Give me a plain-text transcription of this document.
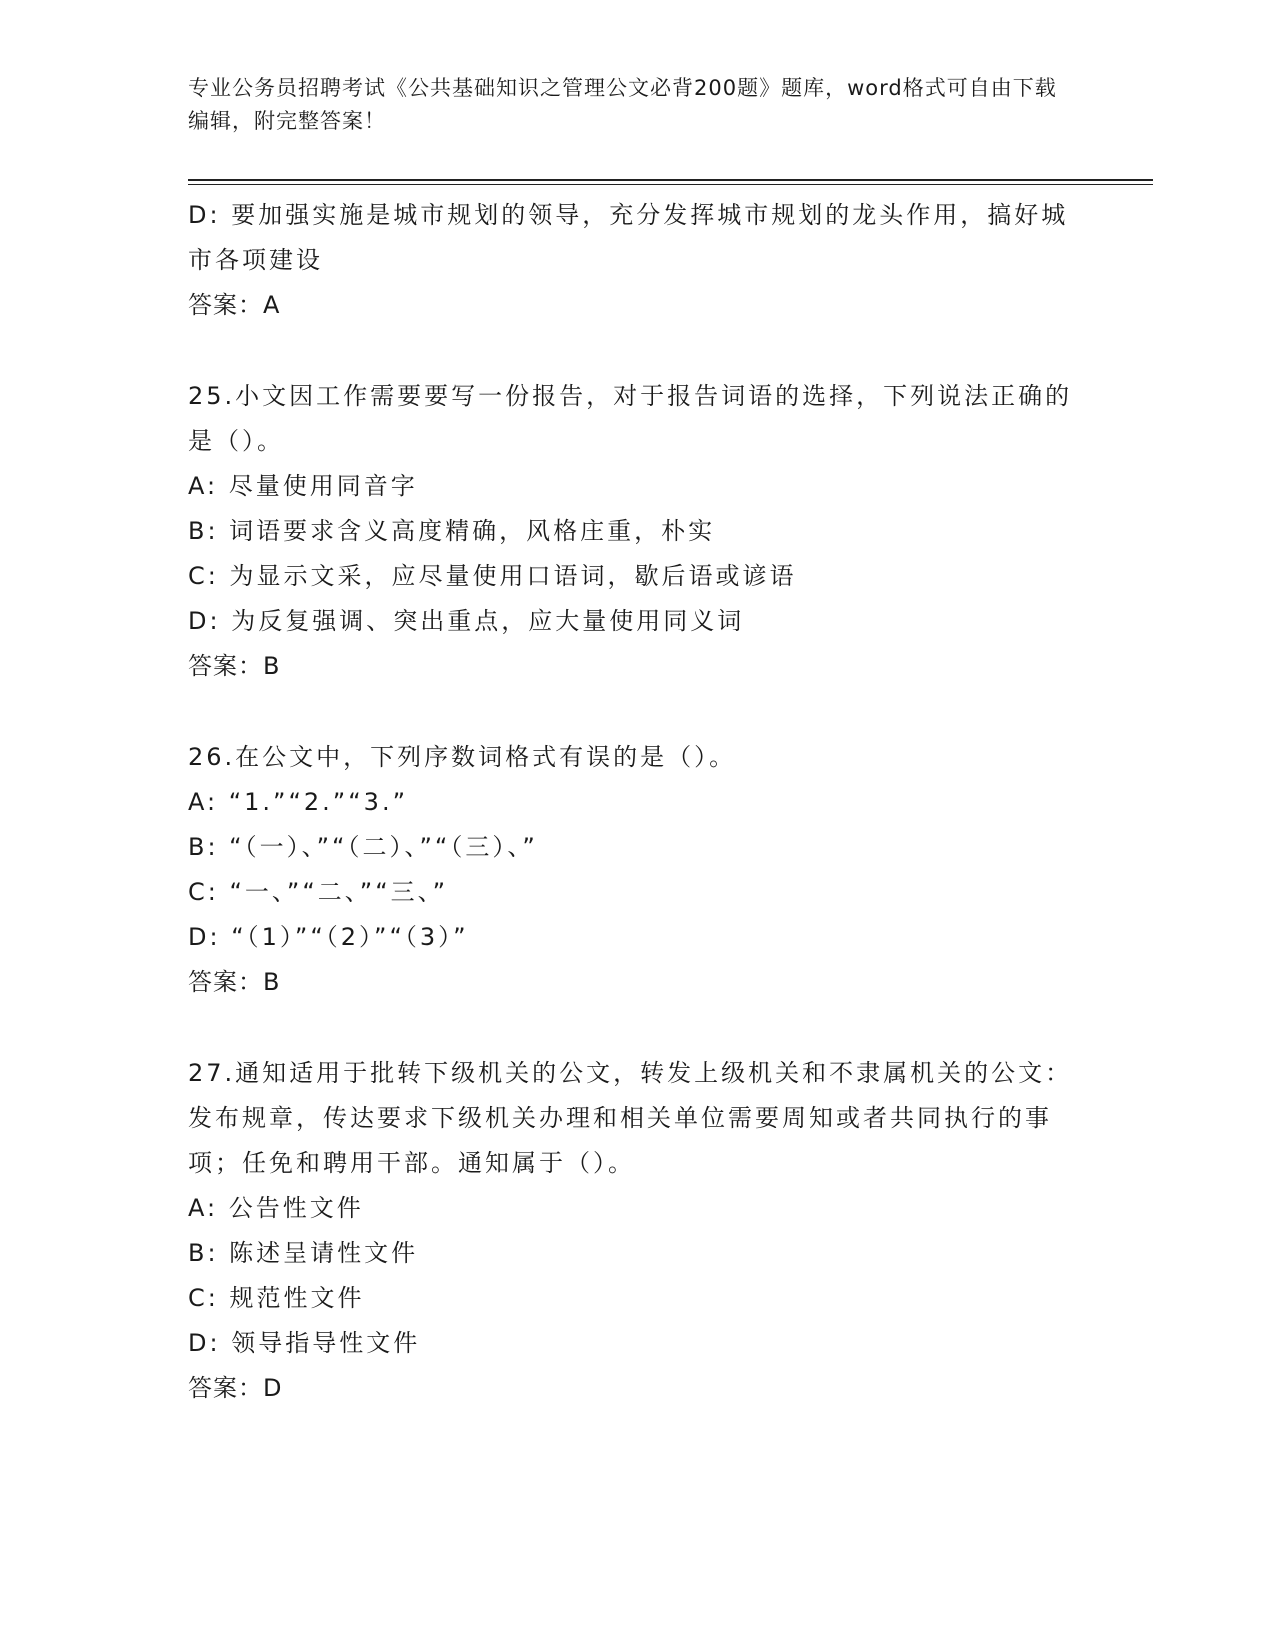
专业公务员招聘考试《公共基础知识之管理公文必背200题》题库，word格式可自由下载编辑，附完整答案！

D: 要加强实施是城市规划的领导，充分发挥城市规划的龙头作用，搞好城市各项建设

答案：A

25.小文因工作需要要写一份报告，对于报告词语的选择，下列说法正确的是（）。

A: 尽量使用同音字

B: 词语要求含义高度精确，风格庄重，朴实

C: 为显示文采，应尽量使用口语词，歇后语或谚语

D: 为反复强调、突出重点，应大量使用同义词

答案：B

26.在公文中，下列序数词格式有误的是（）。

A: “1.”“2.”“3.”

B: “（一）、”“（二）、”“（三）、”

C: “一、”“二、”“三、”

D: “（1）”“（2）”“（3）”

答案：B

27.通知适用于批转下级机关的公文，转发上级机关和不隶属机关的公文：发布规章，传达要求下级机关办理和相关单位需要周知或者共同执行的事项；任免和聘用干部。通知属于（）。

A: 公告性文件

B: 陈述呈请性文件

C: 规范性文件

D: 领导指导性文件

答案：D
